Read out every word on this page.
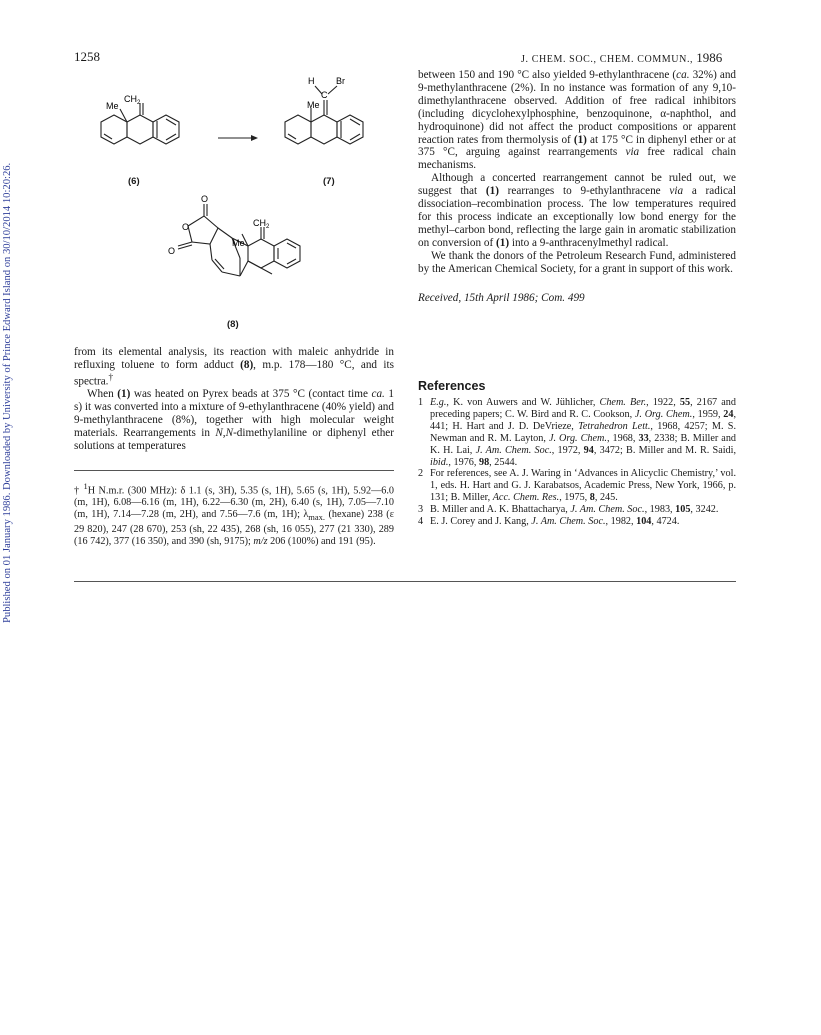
Published on 01 January 1986. Downloaded by University of Prince Edward Island on 30/10/2014 10:20:26.
1258	J. CHEM. SOC., CHEM. COMMUN., 1986
Me
$CH_2$
(6)
H Br
C
Me
(7)
O
O
O
Me
$CH_2$
(8)

from its elemental analysis, its reaction with maleic anhydride in refluxing toluene to form adduct (8), m.p. 178—180 °C, and its spectra.†

When (1) was heated on Pyrex beads at 375 °C (contact time ca. 1 s) it was converted into a mixture of 9-ethylanthracene (40% yield) and 9-methylanthracene (8%), together with high molecular weight materials. Rearrangements in N,N-dimethylaniline or diphenyl ether solutions at temperatures

† $^1$H N.m.r. (300 MHz): δ 1.1 (s, 3H), 5.35 (s, 1H), 5.65 (s, 1H), 5.92—6.0 (m, 1H), 6.08—6.16 (m, 1H), 6.22—6.30 (m, 2H), 6.40 (s, 1H), 7.05—7.10 (m, 1H), 7.14—7.28 (m, 2H), and 7.56—7.6 (m, 1H); $\lambda_{max.}$ (hexane) 238 (ε 29 820), 247 (28 670), 253 (sh, 22 435), 268 (sh, 16 055), 277 (21 330), 289 (16 742), 377 (16 350), and 390 (sh, 9175); m/z 206 (100%) and 191 (95).

between 150 and 190 °C also yielded 9-ethylanthracene (ca. 32%) and 9-methylanthracene (2%). In no instance was formation of any 9,10-dimethylanthracene observed. Addition of free radical inhibitors (including dicyclohexylphosphine, benzoquinone, α-naphthol, and hydroquinone) did not affect the product compositions or apparent reaction rates from thermolysis of (1) at 175 °C in diphenyl ether or at 375 °C, arguing against rearrangements via free radical chain mechanisms.

Although a concerted rearrangement cannot be ruled out, we suggest that (1) rearranges to 9-ethylanthracene via a radical dissociation–recombination process. The low temperatures required for this process indicate an exceptionally low bond energy for the methyl–carbon bond, reflecting the large gain in aromatic stabilization on conversion of (1) into a 9-anthracenylmethyl radical.

We thank the donors of the Petroleum Research Fund, administered by the American Chemical Society, for a grant in support of this work.

Received, 15th April 1986; Com. 499

References
1 E.g., K. von Auwers and W. Jühlicher, Chem. Ber., 1922, 55, 2167 and preceding papers; C. W. Bird and R. C. Cookson, J. Org. Chem., 1959, 24, 441; H. Hart and J. D. DeVrieze, Tetrahedron Lett., 1968, 4257; M. S. Newman and R. M. Layton, J. Org. Chem., 1968, 33, 2338; B. Miller and K. H. Lai, J. Am. Chem. Soc., 1972, 94, 3472; B. Miller and M. R. Saidi, ibid., 1976, 98, 2544.
2 For references, see A. J. Waring in ‘Advances in Alicyclic Chemistry,’ vol. 1, eds. H. Hart and G. J. Karabatsos, Academic Press, New York, 1966, p. 131; B. Miller, Acc. Chem. Res., 1975, 8, 245.
3 B. Miller and A. K. Bhattacharya, J. Am. Chem. Soc., 1983, 105, 3242.
4 E. J. Corey and J. Kang, J. Am. Chem. Soc., 1982, 104, 4724.
